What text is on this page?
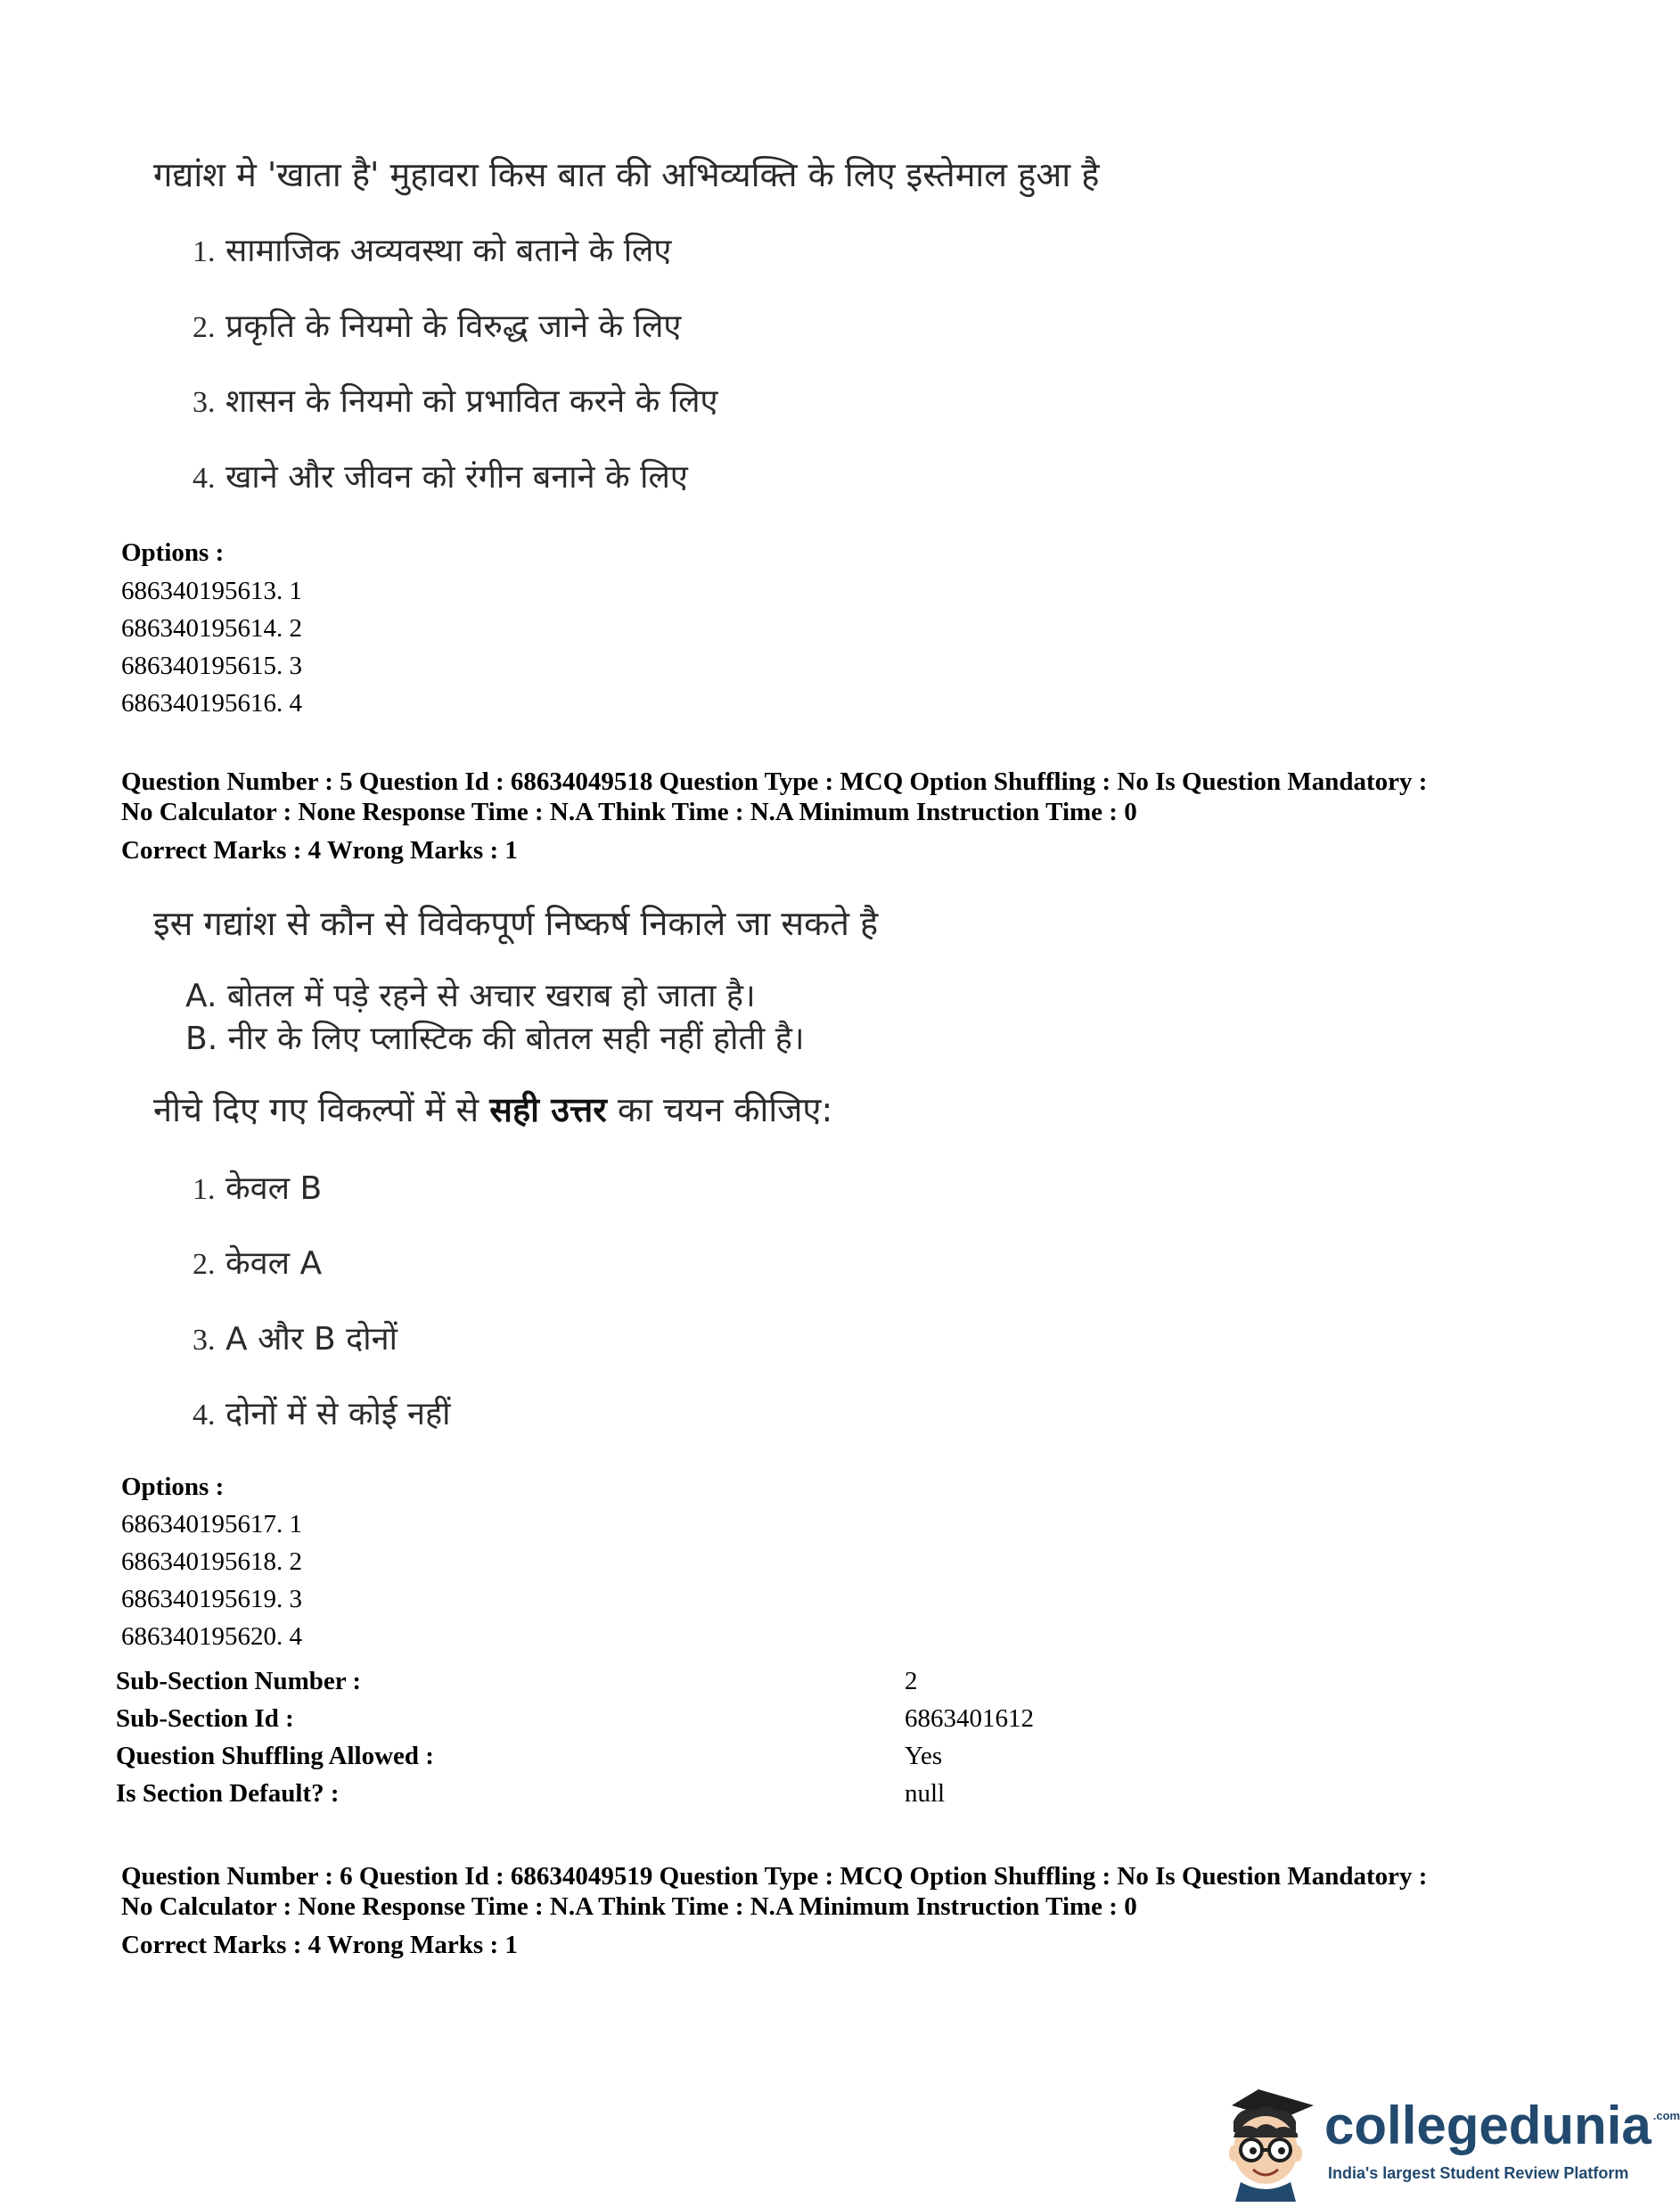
गद्यांश मे 'खाता है' मुहावरा किस बात की अभिव्यक्ति के लिए इस्तेमाल हुआ है
1. सामाजिक अव्यवस्था को बताने के लिए
2. प्रकृति के नियमो के विरुद्ध जाने के लिए
3. शासन के नियमो को प्रभावित करने के लिए
4. खाने और जीवन को रंगीन बनाने के लिए
Options :
686340195613. 1
686340195614. 2
686340195615. 3
686340195616. 4
Question Number : 5 Question Id : 68634049518 Question Type : MCQ Option Shuffling : No Is Question Mandatory :
No Calculator : None Response Time : N.A Think Time : N.A Minimum Instruction Time : 0
Correct Marks : 4 Wrong Marks : 1
इस गद्यांश से कौन से विवेकपूर्ण निष्कर्ष निकाले जा सकते है
A. बोतल में पड़े रहने से अचार खराब हो जाता है।
B. नीर के लिए प्लास्टिक की बोतल सही नहीं होती है।
नीचे दिए गए विकल्पों में से सही उत्तर का चयन कीजिए:
1. केवल B
2. केवल A
3. A और B दोनों
4. दोनों में से कोई नहीं
Options :
686340195617. 1
686340195618. 2
686340195619. 3
686340195620. 4
Sub-Section Number :	2
Sub-Section Id :	6863401612
Question Shuffling Allowed :	Yes
Is Section Default? :	null
Question Number : 6 Question Id : 68634049519 Question Type : MCQ Option Shuffling : No Is Question Mandatory :
No Calculator : None Response Time : N.A Think Time : N.A Minimum Instruction Time : 0
Correct Marks : 4 Wrong Marks : 1
collegedunia $^{.com}$
India's largest Student Review Platform
